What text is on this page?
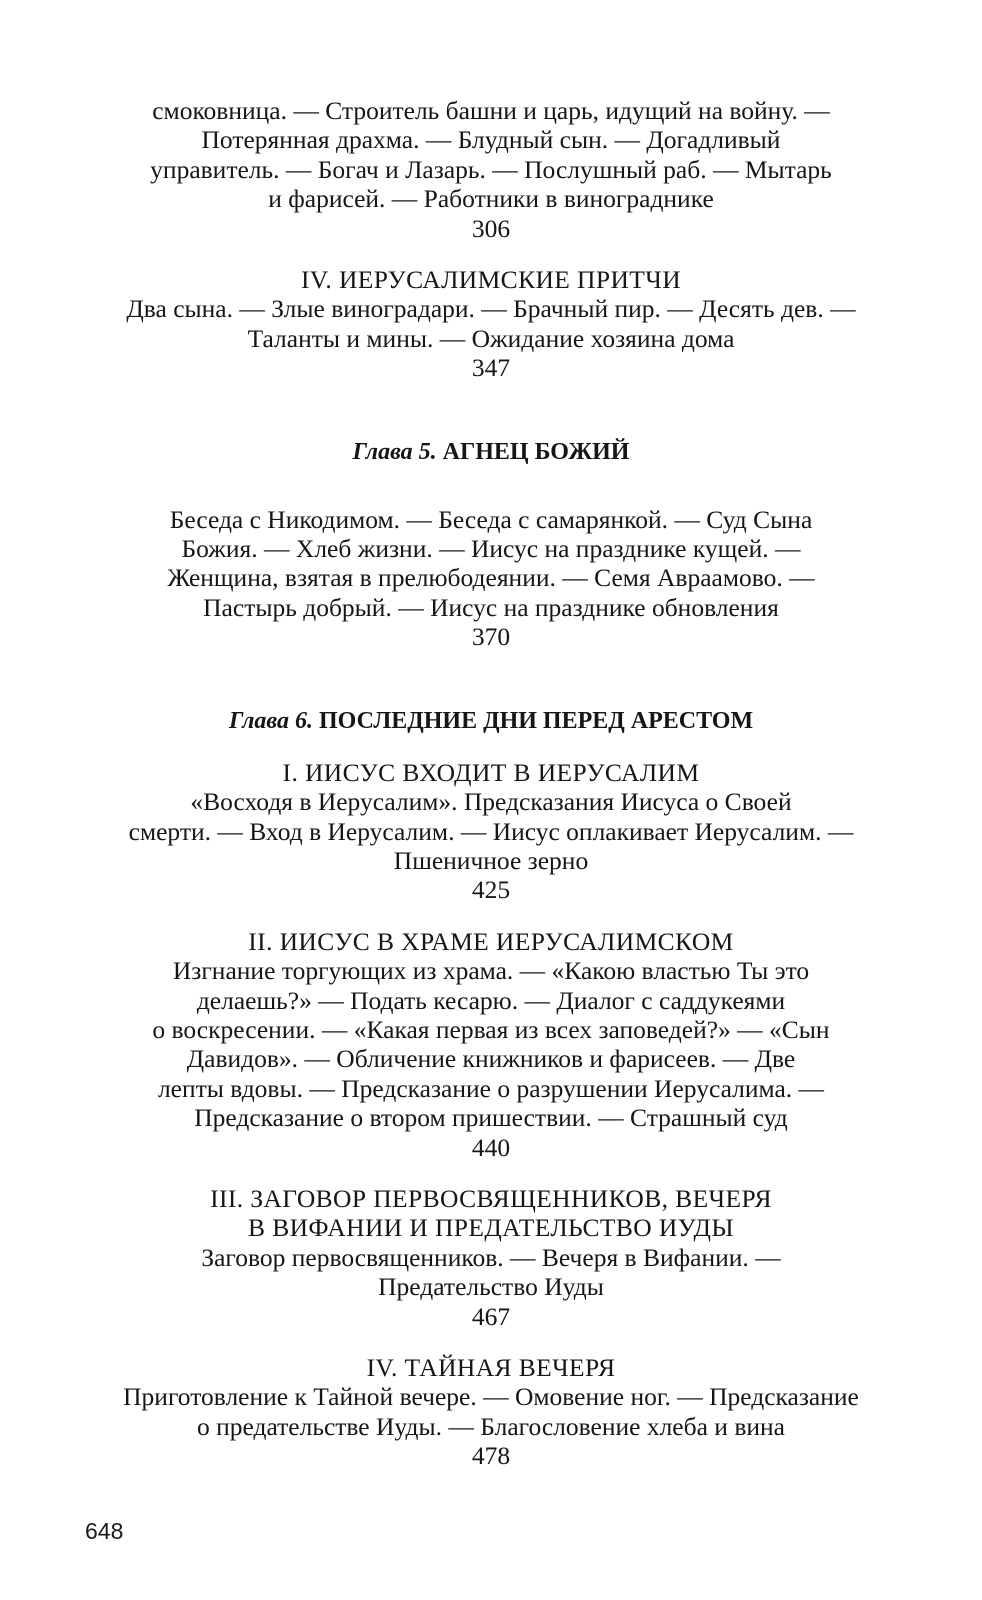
смоковница. — Строитель башни и царь, идущий на войну. —
Потерянная драхма. — Блудный сын. — Догадливый
управитель. — Богач и Лазарь. — Послушный раб. — Мытарь
и фарисей. — Работники в винограднике
306
IV. ИЕРУСАЛИМСКИЕ ПРИТЧИ
Два сына. — Злые виноградари. — Брачный пир. — Десять дев. —
Таланты и мины. — Ожидание хозяина дома
347
Глава 5. АГНЕЦ БОЖИЙ
Беседа с Никодимом. — Беседа с самарянкой. — Суд Сына
Божия. — Хлеб жизни. — Иисус на празднике кущей. —
Женщина, взятая в прелюбодеянии. — Семя Авраамово. —
Пастырь добрый. — Иисус на празднике обновления
370
Глава 6. ПОСЛЕДНИЕ ДНИ ПЕРЕД АРЕСТОМ
I. ИИСУС ВХОДИТ В ИЕРУСАЛИМ
«Восходя в Иерусалим». Предсказания Иисуса о Своей
смерти. — Вход в Иерусалим. — Иисус оплакивает Иерусалим. —
Пшеничное зерно
425
II. ИИСУС В ХРАМЕ ИЕРУСАЛИМСКОМ
Изгнание торгующих из храма. — «Какою властью Ты это
делаешь?» — Подать кесарю. — Диалог с саддукеями
о воскресении. — «Какая первая из всех заповедей?» — «Сын
Давидов». — Обличение книжников и фарисеев. — Две
лепты вдовы. — Предсказание о разрушении Иерусалима. —
Предсказание о втором пришествии. — Страшный суд
440
III. ЗАГОВОР ПЕРВОСВЯЩЕННИКОВ, ВЕЧЕРЯ
В ВИФАНИИ И ПРЕДАТЕЛЬСТВО ИУДЫ
Заговор первосвященников. — Вечеря в Вифании. —
Предательство Иуды
467
IV. ТАЙНАЯ ВЕЧЕРЯ
Приготовление к Тайной вечере. — Омовение ног. — Предсказание
о предательстве Иуды. — Благословение хлеба и вина
478
648
